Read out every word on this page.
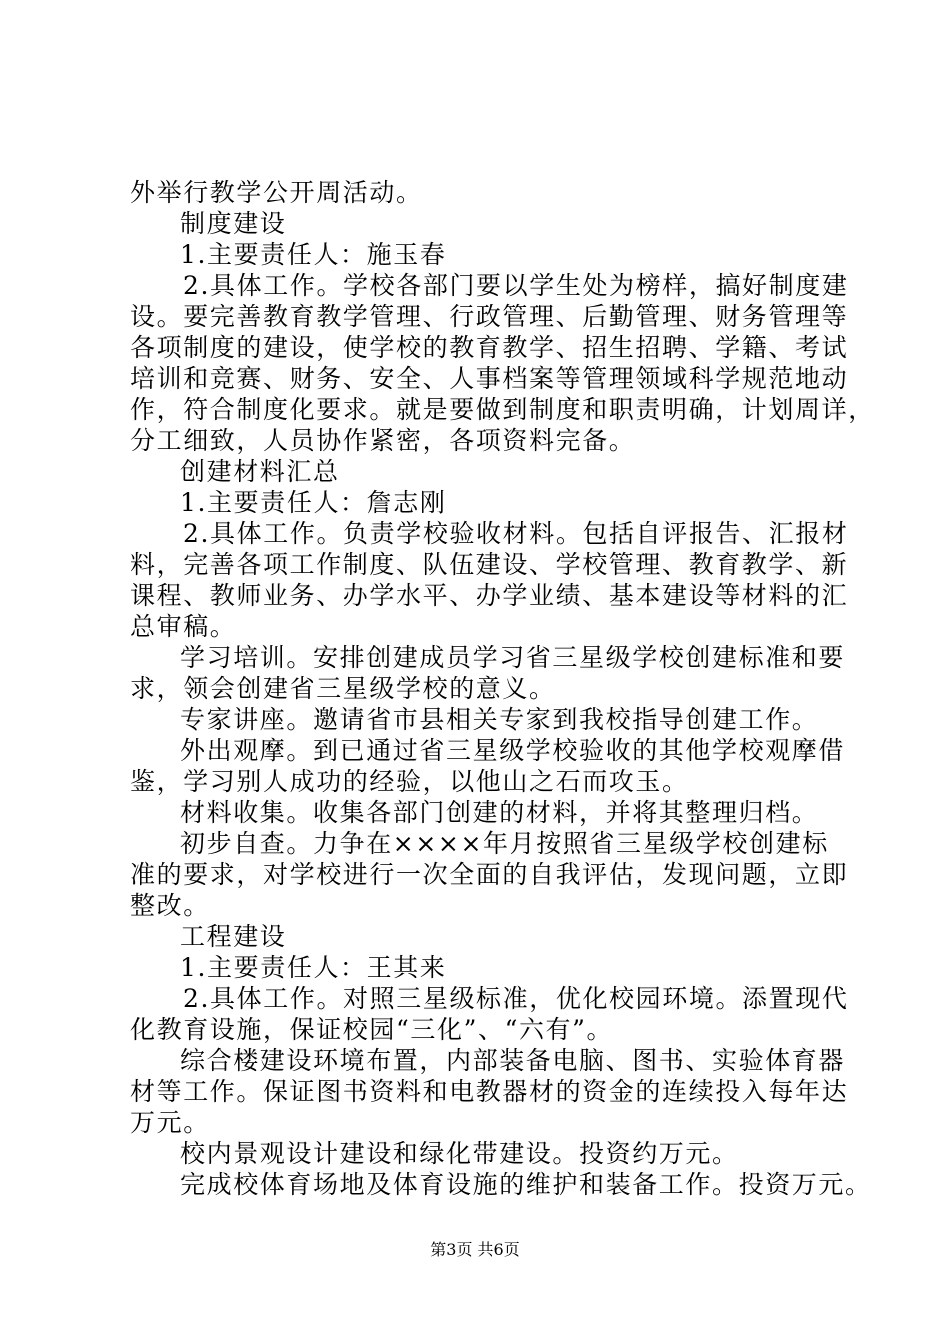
外举行教学公开周活动。
制度建设
1.主要责任人：施玉春
2.具体工作。学校各部门要以学生处为榜样，搞好制度建
设。要完善教育教学管理、行政管理、后勤管理、财务管理等
各项制度的建设，使学校的教育教学、招生招聘、学籍、考试
培训和竞赛、财务、安全、人事档案等管理领域科学规范地动
作，符合制度化要求。就是要做到制度和职责明确，计划周详，
分工细致，人员协作紧密，各项资料完备。
创建材料汇总
1.主要责任人：詹志刚
2.具体工作。负责学校验收材料。包括自评报告、汇报材
料，完善各项工作制度、队伍建设、学校管理、教育教学、新
课程、教师业务、办学水平、办学业绩、基本建设等材料的汇
总审稿。
学习培训。安排创建成员学习省三星级学校创建标准和要
求，领会创建省三星级学校的意义。
专家讲座。邀请省市县相关专家到我校指导创建工作。
外出观摩。到已通过省三星级学校验收的其他学校观摩借
鉴，学习别人成功的经验，以他山之石而攻玉。
材料收集。收集各部门创建的材料，并将其整理归档。
初步自查。力争在××××年月按照省三星级学校创建标
准的要求，对学校进行一次全面的自我评估，发现问题，立即
整改。
工程建设
1.主要责任人：王其来
2.具体工作。对照三星级标准，优化校园环境。添置现代
化教育设施，保证校园“三化”、“六有”。
综合楼建设环境布置，内部装备电脑、图书、实验体育器
材等工作。保证图书资料和电教器材的资金的连续投入每年达
万元。
校内景观设计建设和绿化带建设。投资约万元。
完成校体育场地及体育设施的维护和装备工作。投资万元。
第3页 共6页
